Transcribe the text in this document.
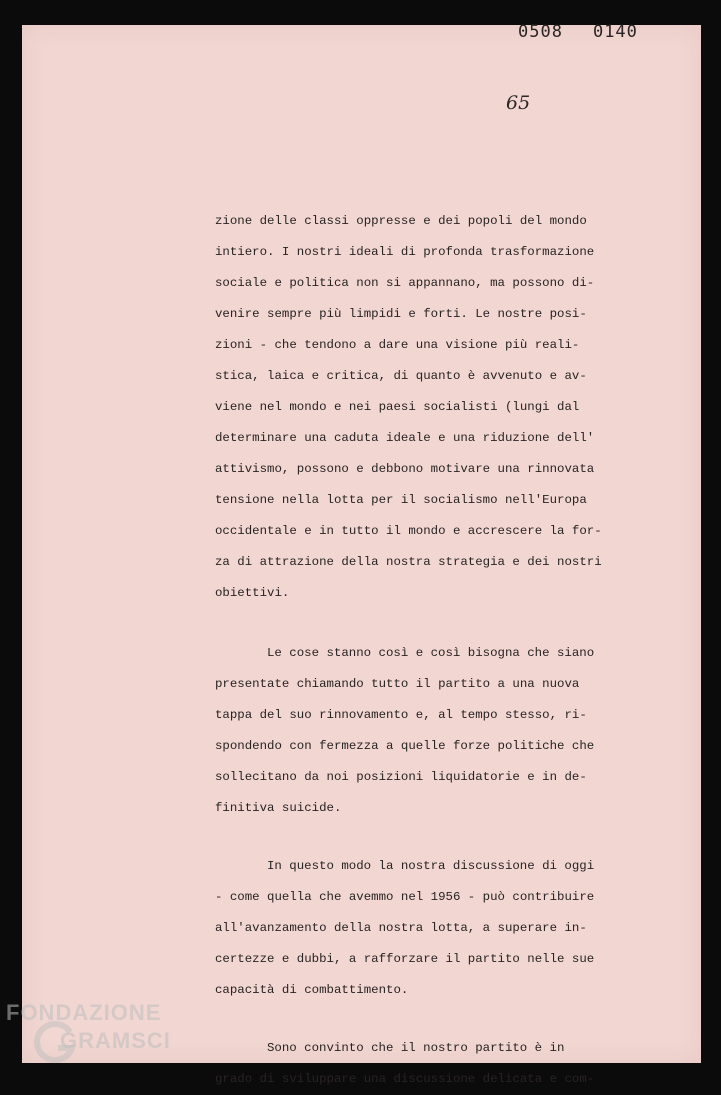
0508 0140
65
zione delle classi oppresse e dei popoli del mondo
intiero. I nostri ideali di profonda trasformazione
sociale e politica non si appannano, ma possono di-
venire sempre più limpidi e forti. Le nostre posi-
zioni - che tendono a dare una visione più reali-
stica, laica e critica, di quanto è avvenuto e av-
viene nel mondo e nei paesi socialisti (lungi dal
determinare una caduta ideale e una riduzione dell'
attivismo, possono e debbono motivare una rinnovata
tensione nella lotta per il socialismo nell'Europa
occidentale e in tutto il mondo e accrescere la for-
za di attrazione della nostra strategia e dei nostri
obiettivi.
Le cose stanno così e così bisogna che siano
presentate chiamando tutto il partito a una nuova
tappa del suo rinnovamento e, al tempo stesso, ri-
spondendo con fermezza a quelle forze politiche che
sollecitano da noi posizioni liquidatorie e in de-
finitiva suicide.
In questo modo la nostra discussione di oggi
- come quella che avemmo nel 1956 - può contribuire
all'avanzamento della nostra lotta, a superare in-
certezze e dubbi, a rafforzare il partito nelle sue
capacità di combattimento.
Sono convinto che il nostro partito è in
grado di sviluppare una discussione delicata e com-
FONDAZIONE
GRAMSCI
